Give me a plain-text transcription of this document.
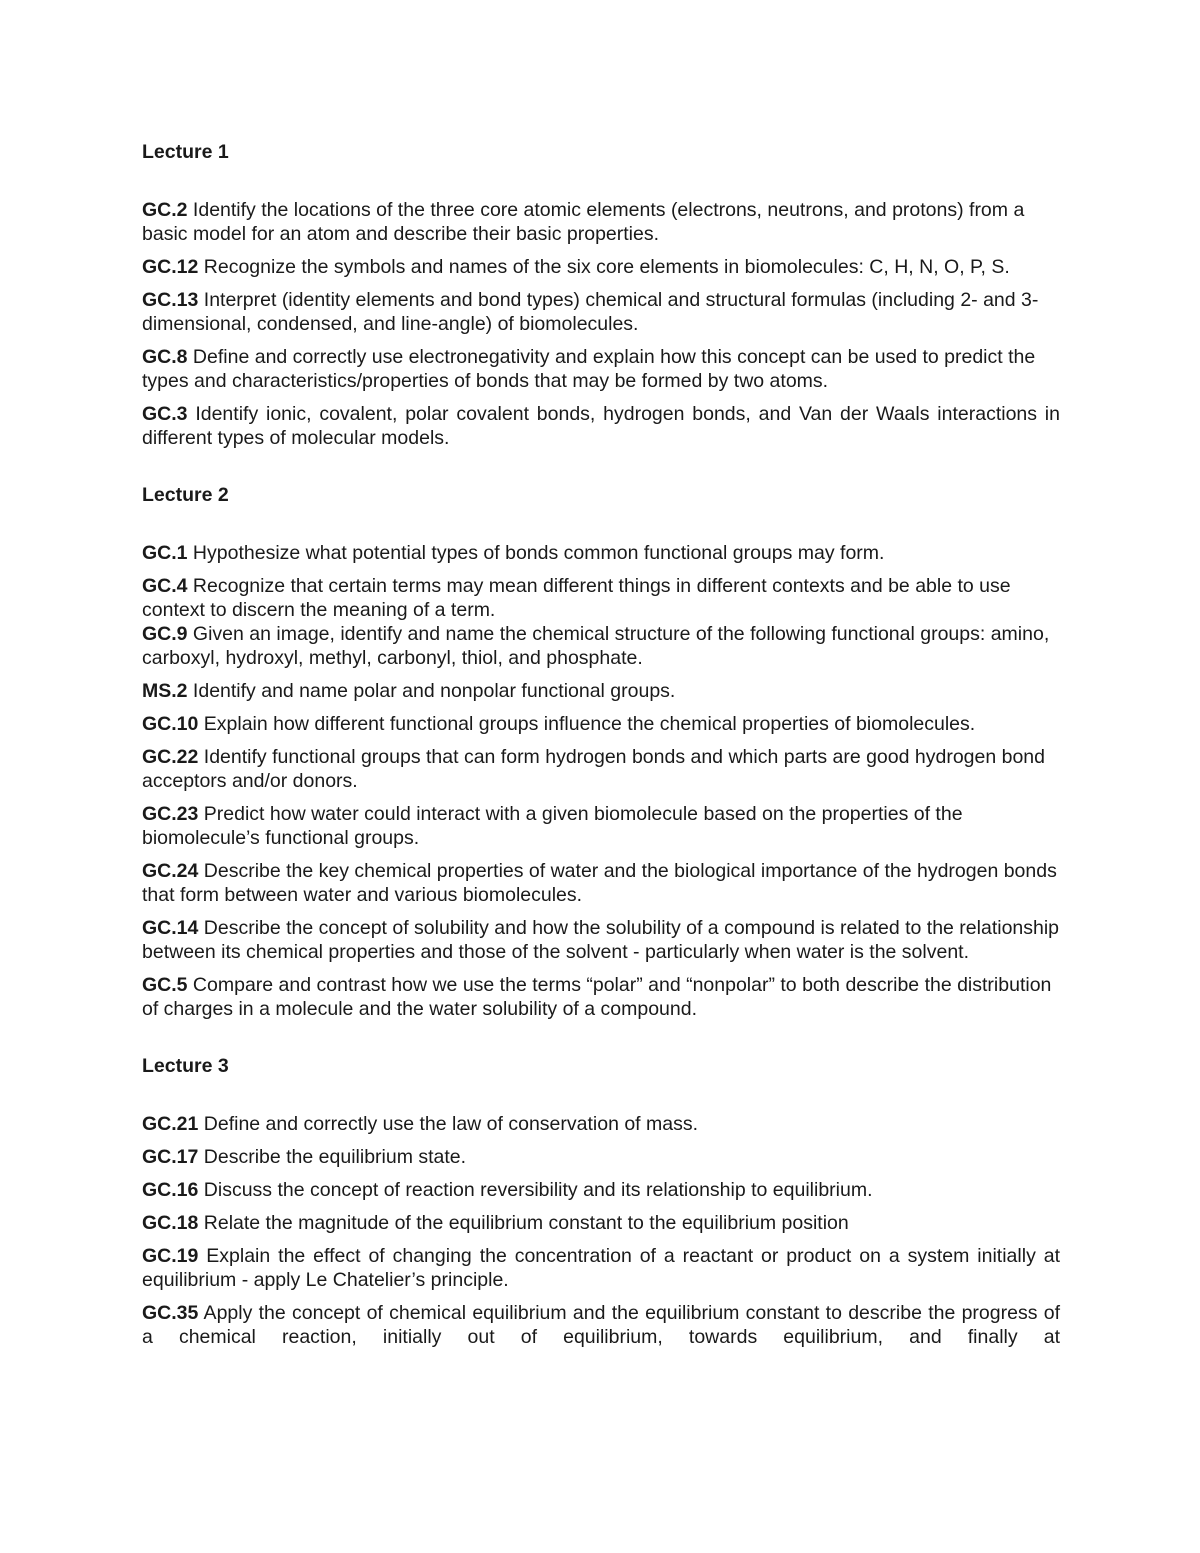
Lecture 1

GC.2 Identify the locations of the three core atomic elements (electrons, neutrons, and protons) from a basic model for an atom and describe their basic properties.

GC.12 Recognize the symbols and names of the six core elements in biomolecules: C, H, N, O, P, S.

GC.13 Interpret (identity elements and bond types) chemical and structural formulas (including 2- and 3-dimensional, condensed, and line-angle) of biomolecules.

GC.8 Define and correctly use electronegativity and explain how this concept can be used to predict the types and characteristics/properties of bonds that may be formed by two atoms.

GC.3 Identify ionic, covalent, polar covalent bonds, hydrogen bonds, and Van der Waals interactions in different types of molecular models.

Lecture 2

GC.1 Hypothesize what potential types of bonds common functional groups may form.

GC.4 Recognize that certain terms may mean different things in different contexts and be able to use context to discern the meaning of a term.

GC.9 Given an image, identify and name the chemical structure of the following functional groups: amino, carboxyl, hydroxyl, methyl, carbonyl, thiol, and phosphate.

MS.2 Identify and name polar and nonpolar functional groups.

GC.10 Explain how different functional groups influence the chemical properties of biomolecules.

GC.22 Identify functional groups that can form hydrogen bonds and which parts are good hydrogen bond acceptors and/or donors.

GC.23 Predict how water could interact with a given biomolecule based on the properties of the biomolecule’s functional groups.

GC.24 Describe the key chemical properties of water and the biological importance of the hydrogen bonds that form between water and various biomolecules.

GC.14 Describe the concept of solubility and how the solubility of a compound is related to the relationship between its chemical properties and those of the solvent - particularly when water is the solvent.

GC.5 Compare and contrast how we use the terms “polar” and “nonpolar” to both describe the distribution of charges in a molecule and the water solubility of a compound.

Lecture 3

GC.21 Define and correctly use the law of conservation of mass.

GC.17 Describe the equilibrium state.

GC.16 Discuss the concept of reaction reversibility and its relationship to equilibrium.

GC.18 Relate the magnitude of the equilibrium constant to the equilibrium position

GC.19 Explain the effect of changing the concentration of a reactant or product on a system initially at equilibrium - apply Le Chatelier’s principle.

GC.35 Apply the concept of chemical equilibrium and the equilibrium constant to describe the progress of a chemical reaction, initially out of equilibrium, towards equilibrium, and finally at
